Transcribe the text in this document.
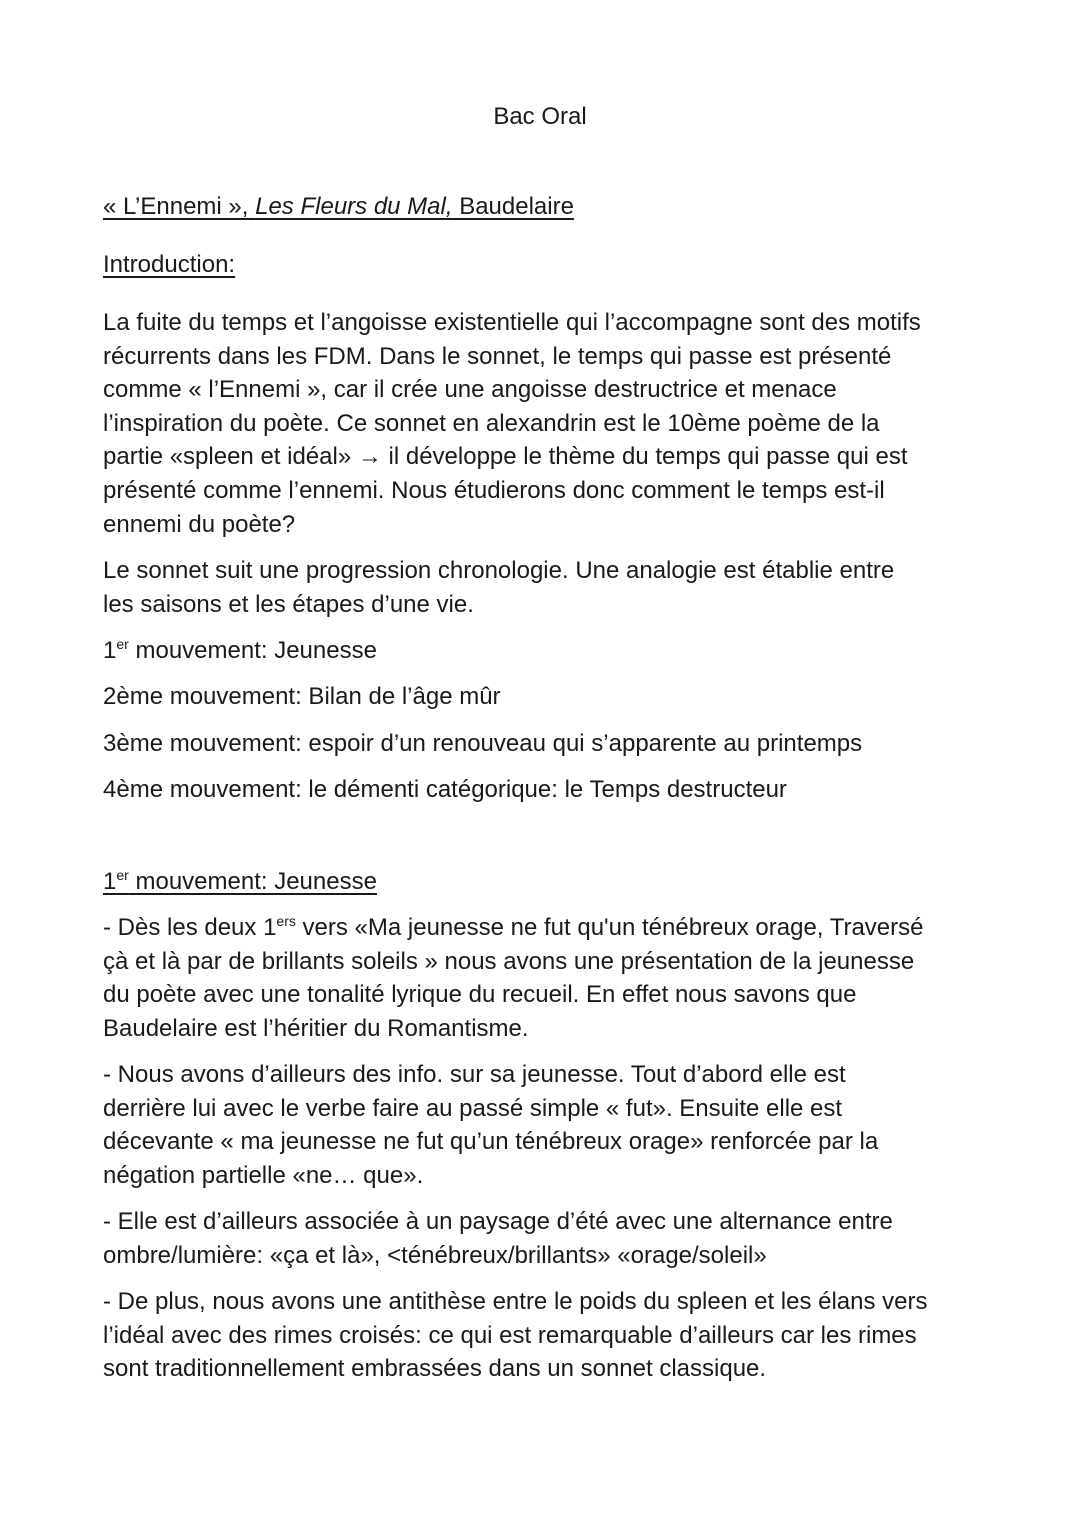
Bac Oral
« L’Ennemi », Les Fleurs du Mal, Baudelaire
Introduction:
La fuite du temps et l’angoisse existentielle qui l’accompagne sont des motifs
récurrents dans les FDM. Dans le sonnet, le temps qui passe est présenté
comme « l’Ennemi », car il crée une angoisse destructrice et menace
l’inspiration du poète. Ce sonnet en alexandrin est le 10ème poème de la
partie «spleen et idéal» → il développe le thème du temps qui passe qui est
présenté comme l’ennemi. Nous étudierons donc comment le temps est-il
ennemi du poète?
Le sonnet suit une progression chronologie. Une analogie est établie entre
les saisons et les étapes d’une vie.
1er mouvement: Jeunesse
2ème mouvement: Bilan de l’âge mûr
3ème mouvement: espoir d’un renouveau qui s’apparente au printemps
4ème mouvement: le démenti catégorique: le Temps destructeur
1er mouvement: Jeunesse
- Dès les deux 1ers vers «Ma jeunesse ne fut qu'un ténébreux orage, Traversé
çà et là par de brillants soleils » nous avons une présentation de la jeunesse
du poète avec une tonalité lyrique du recueil. En effet nous savons que
Baudelaire est l’héritier du Romantisme.
- Nous avons d’ailleurs des info. sur sa jeunesse. Tout d’abord elle est
derrière lui avec le verbe faire au passé simple « fut». Ensuite elle est
décevante « ma jeunesse ne fut qu’un ténébreux orage» renforcée par la
négation partielle «ne… que».
- Elle est d’ailleurs associée à un paysage d’été avec une alternance entre
ombre/lumière: «ça et là», <ténébreux/brillants» «orage/soleil»
- De plus, nous avons une antithèse entre le poids du spleen et les élans vers
l’idéal avec des rimes croisés: ce qui est remarquable d’ailleurs car les rimes
sont traditionnellement embrassées dans un sonnet classique.
